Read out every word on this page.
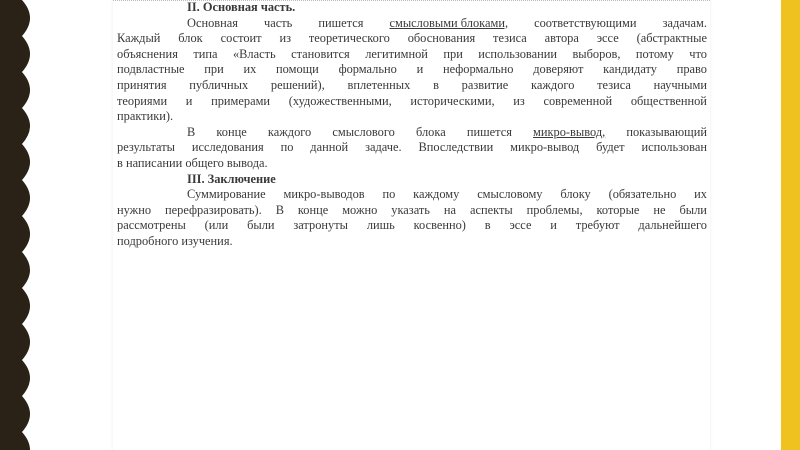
II. Основная часть.
Основная часть пишется смысловыми блоками, соответствующими задачам.
Каждый блок состоит из теоретического обоснования тезиса автора эссе (абстрактные
объяснения типа «Власть становится легитимной при использовании выборов, потому что
подвластные при их помощи формально и неформально доверяют кандидату право
принятия публичных решений), вплетенных в развитие каждого тезиса научными
теориями и примерами (художественными, историческими, из современной общественной
практики).
В конце каждого смыслового блока пишется микро-вывод, показывающий
результаты исследования по данной задаче. Впоследствии микро-вывод будет использован
в написании общего вывода.
III. Заключение
Суммирование микро-выводов по каждому смысловому блоку (обязательно их
нужно перефразировать). В конце можно указать на аспекты проблемы, которые не были
рассмотрены (или были затронуты лишь косвенно) в эссе и требуют дальнейшего
подробного изучения.
